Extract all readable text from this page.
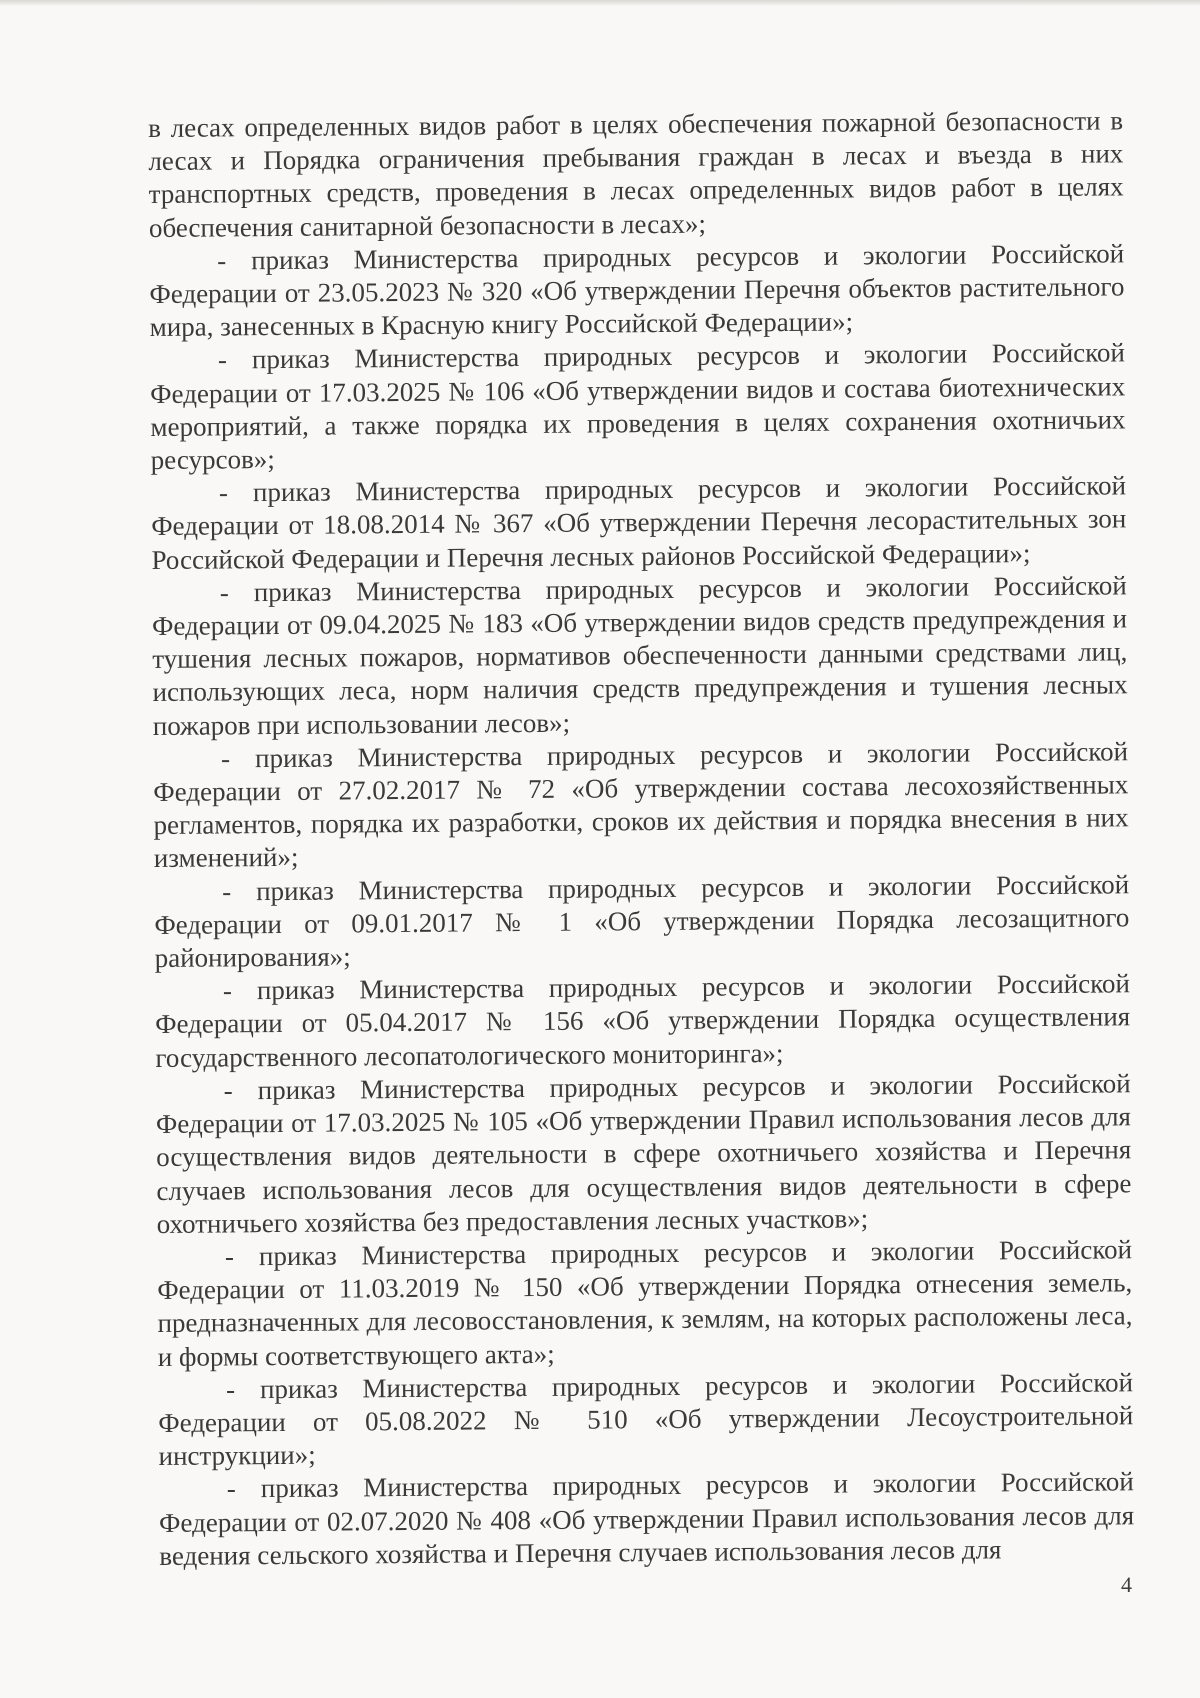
в лесах определенных видов работ в целях обеспечения пожарной безопасности в лесах и Порядка ограничения пребывания граждан в лесах и въезда в них транспортных средств, проведения в лесах определенных видов работ в целях обеспечения санитарной безопасности в лесах»;

- приказ Министерства природных ресурсов и экологии Российской Федерации от 23.05.2023 № 320 «Об утверждении Перечня объектов растительного мира, занесенных в Красную книгу Российской Федерации»;

- приказ Министерства природных ресурсов и экологии Российской Федерации от 17.03.2025 № 106 «Об утверждении видов и состава биотехнических мероприятий, а также порядка их проведения в целях сохранения охотничьих ресурсов»;

- приказ Министерства природных ресурсов и экологии Российской Федерации от 18.08.2014 № 367 «Об утверждении Перечня лесорастительных зон Российской Федерации и Перечня лесных районов Российской Федерации»;

- приказ Министерства природных ресурсов и экологии Российской Федерации от 09.04.2025 № 183 «Об утверждении видов средств предупреждения и тушения лесных пожаров, нормативов обеспеченности данными средствами лиц, использующих леса, норм наличия средств предупреждения и тушения лесных пожаров при использовании лесов»;

- приказ Министерства природных ресурсов и экологии Российской Федерации от 27.02.2017 № 72 «Об утверждении состава лесохозяйственных регламентов, порядка их разработки, сроков их действия и порядка внесения в них изменений»;

- приказ Министерства природных ресурсов и экологии Российской Федерации от 09.01.2017 № 1 «Об утверждении Порядка лесозащитного районирования»;

- приказ Министерства природных ресурсов и экологии Российской Федерации от 05.04.2017 № 156 «Об утверждении Порядка осуществления государственного лесопатологического мониторинга»;

- приказ Министерства природных ресурсов и экологии Российской Федерации от 17.03.2025 № 105 «Об утверждении Правил использования лесов для осуществления видов деятельности в сфере охотничьего хозяйства и Перечня случаев использования лесов для осуществления видов деятельности в сфере охотничьего хозяйства без предоставления лесных участков»;

- приказ Министерства природных ресурсов и экологии Российской Федерации от 11.03.2019 № 150 «Об утверждении Порядка отнесения земель, предназначенных для лесовосстановления, к землям, на которых расположены леса, и формы соответствующего акта»;

- приказ Министерства природных ресурсов и экологии Российской Федерации от 05.08.2022 № 510 «Об утверждении Лесоустроительной инструкции»;

- приказ Министерства природных ресурсов и экологии Российской Федерации от 02.07.2020 № 408 «Об утверждении Правил использования лесов для ведения сельского хозяйства и Перечня случаев использования лесов для

4
